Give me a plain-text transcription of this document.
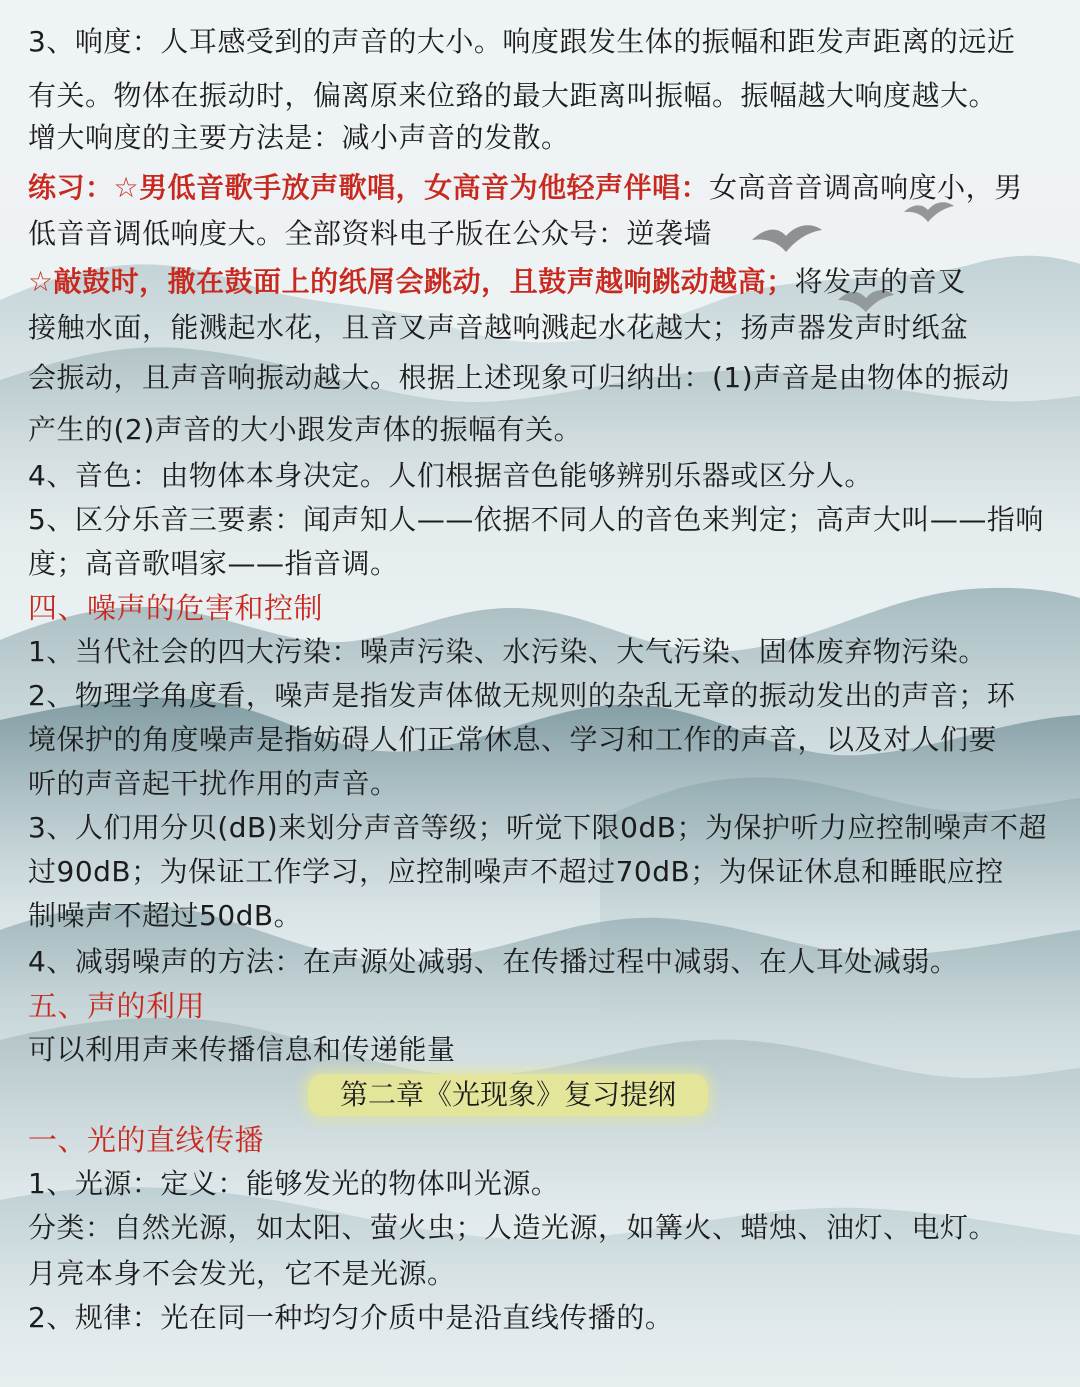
3、响度：人耳感受到的声音的大小。响度跟发生体的振幅和距发声距离的远近
有关。物体在振动时，偏离原来位臵的最大距离叫振幅。振幅越大响度越大。
增大响度的主要方法是：减小声音的发散。
练习：☆男低音歌手放声歌唱，女高音为他轻声伴唱：女高音音调高响度小，男
低音音调低响度大。全部资料电子版在公众号：逆袭墙
☆敲鼓时，撒在鼓面上的纸屑会跳动，且鼓声越响跳动越高；将发声的音叉
接触水面，能溅起水花，且音叉声音越响溅起水花越大；扬声器发声时纸盆
会振动，且声音响振动越大。根据上述现象可归纳出：(1)声音是由物体的振动
产生的(2)声音的大小跟发声体的振幅有关。
4、音色：由物体本身决定。人们根据音色能够辨别乐器或区分人。
5、区分乐音三要素：闻声知人——依据不同人的音色来判定；高声大叫——指响
度；高音歌唱家——指音调。
四、噪声的危害和控制
1、当代社会的四大污染：噪声污染、水污染、大气污染、固体废弃物污染。
2、物理学角度看，噪声是指发声体做无规则的杂乱无章的振动发出的声音；环
境保护的角度噪声是指妨碍人们正常休息、学习和工作的声音，以及对人们要
听的声音起干扰作用的声音。
3、人们用分贝(dB)来划分声音等级；听觉下限0dB；为保护听力应控制噪声不超
过90dB；为保证工作学习，应控制噪声不超过70dB；为保证休息和睡眠应控
制噪声不超过50dB。
4、减弱噪声的方法：在声源处减弱、在传播过程中减弱、在人耳处减弱。
五、声的利用
可以利用声来传播信息和传递能量
第二章《光现象》复习提纲
一、光的直线传播
1、光源：定义：能够发光的物体叫光源。
分类：自然光源，如太阳、萤火虫；人造光源，如篝火、蜡烛、油灯、电灯。
月亮本身不会发光，它不是光源。
2、规律：光在同一种均匀介质中是沿直线传播的。
